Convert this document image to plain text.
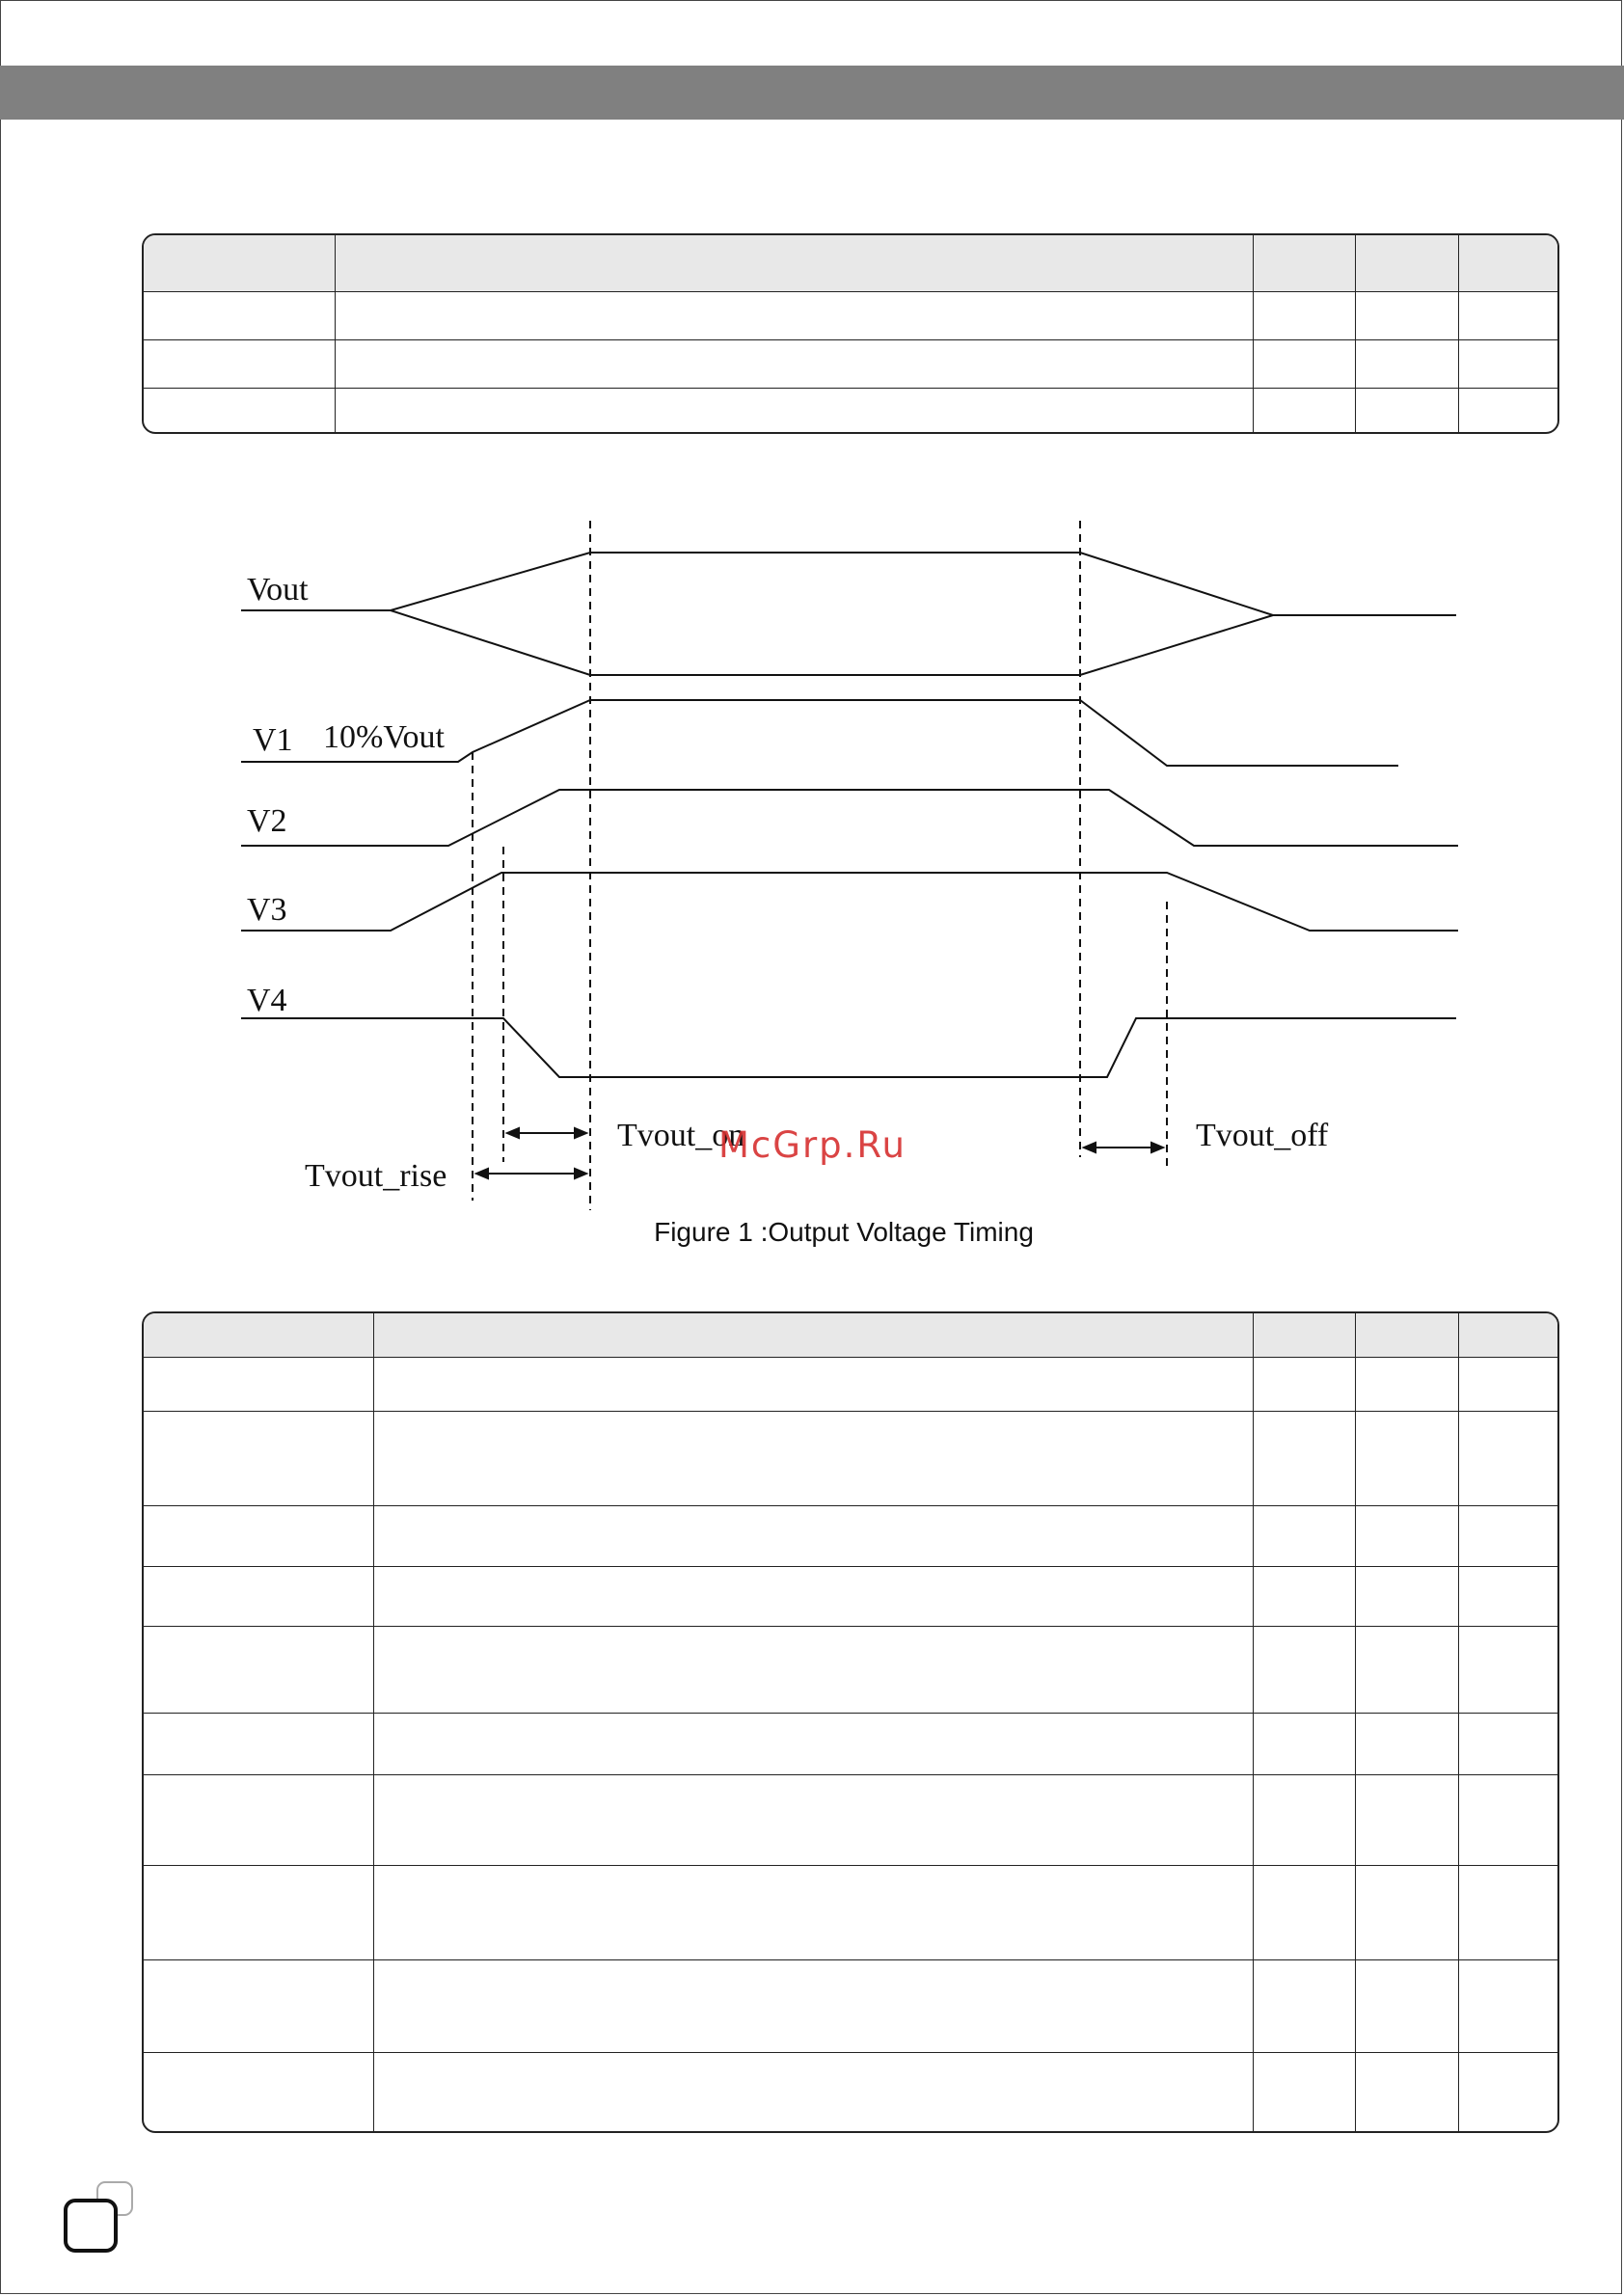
Vout
V1 10%Vout
V2
V3
V4
Tvout_on
Tvout_rise
Tvout_off
McGrp.Ru
Figure 1 :Output Voltage Timing
